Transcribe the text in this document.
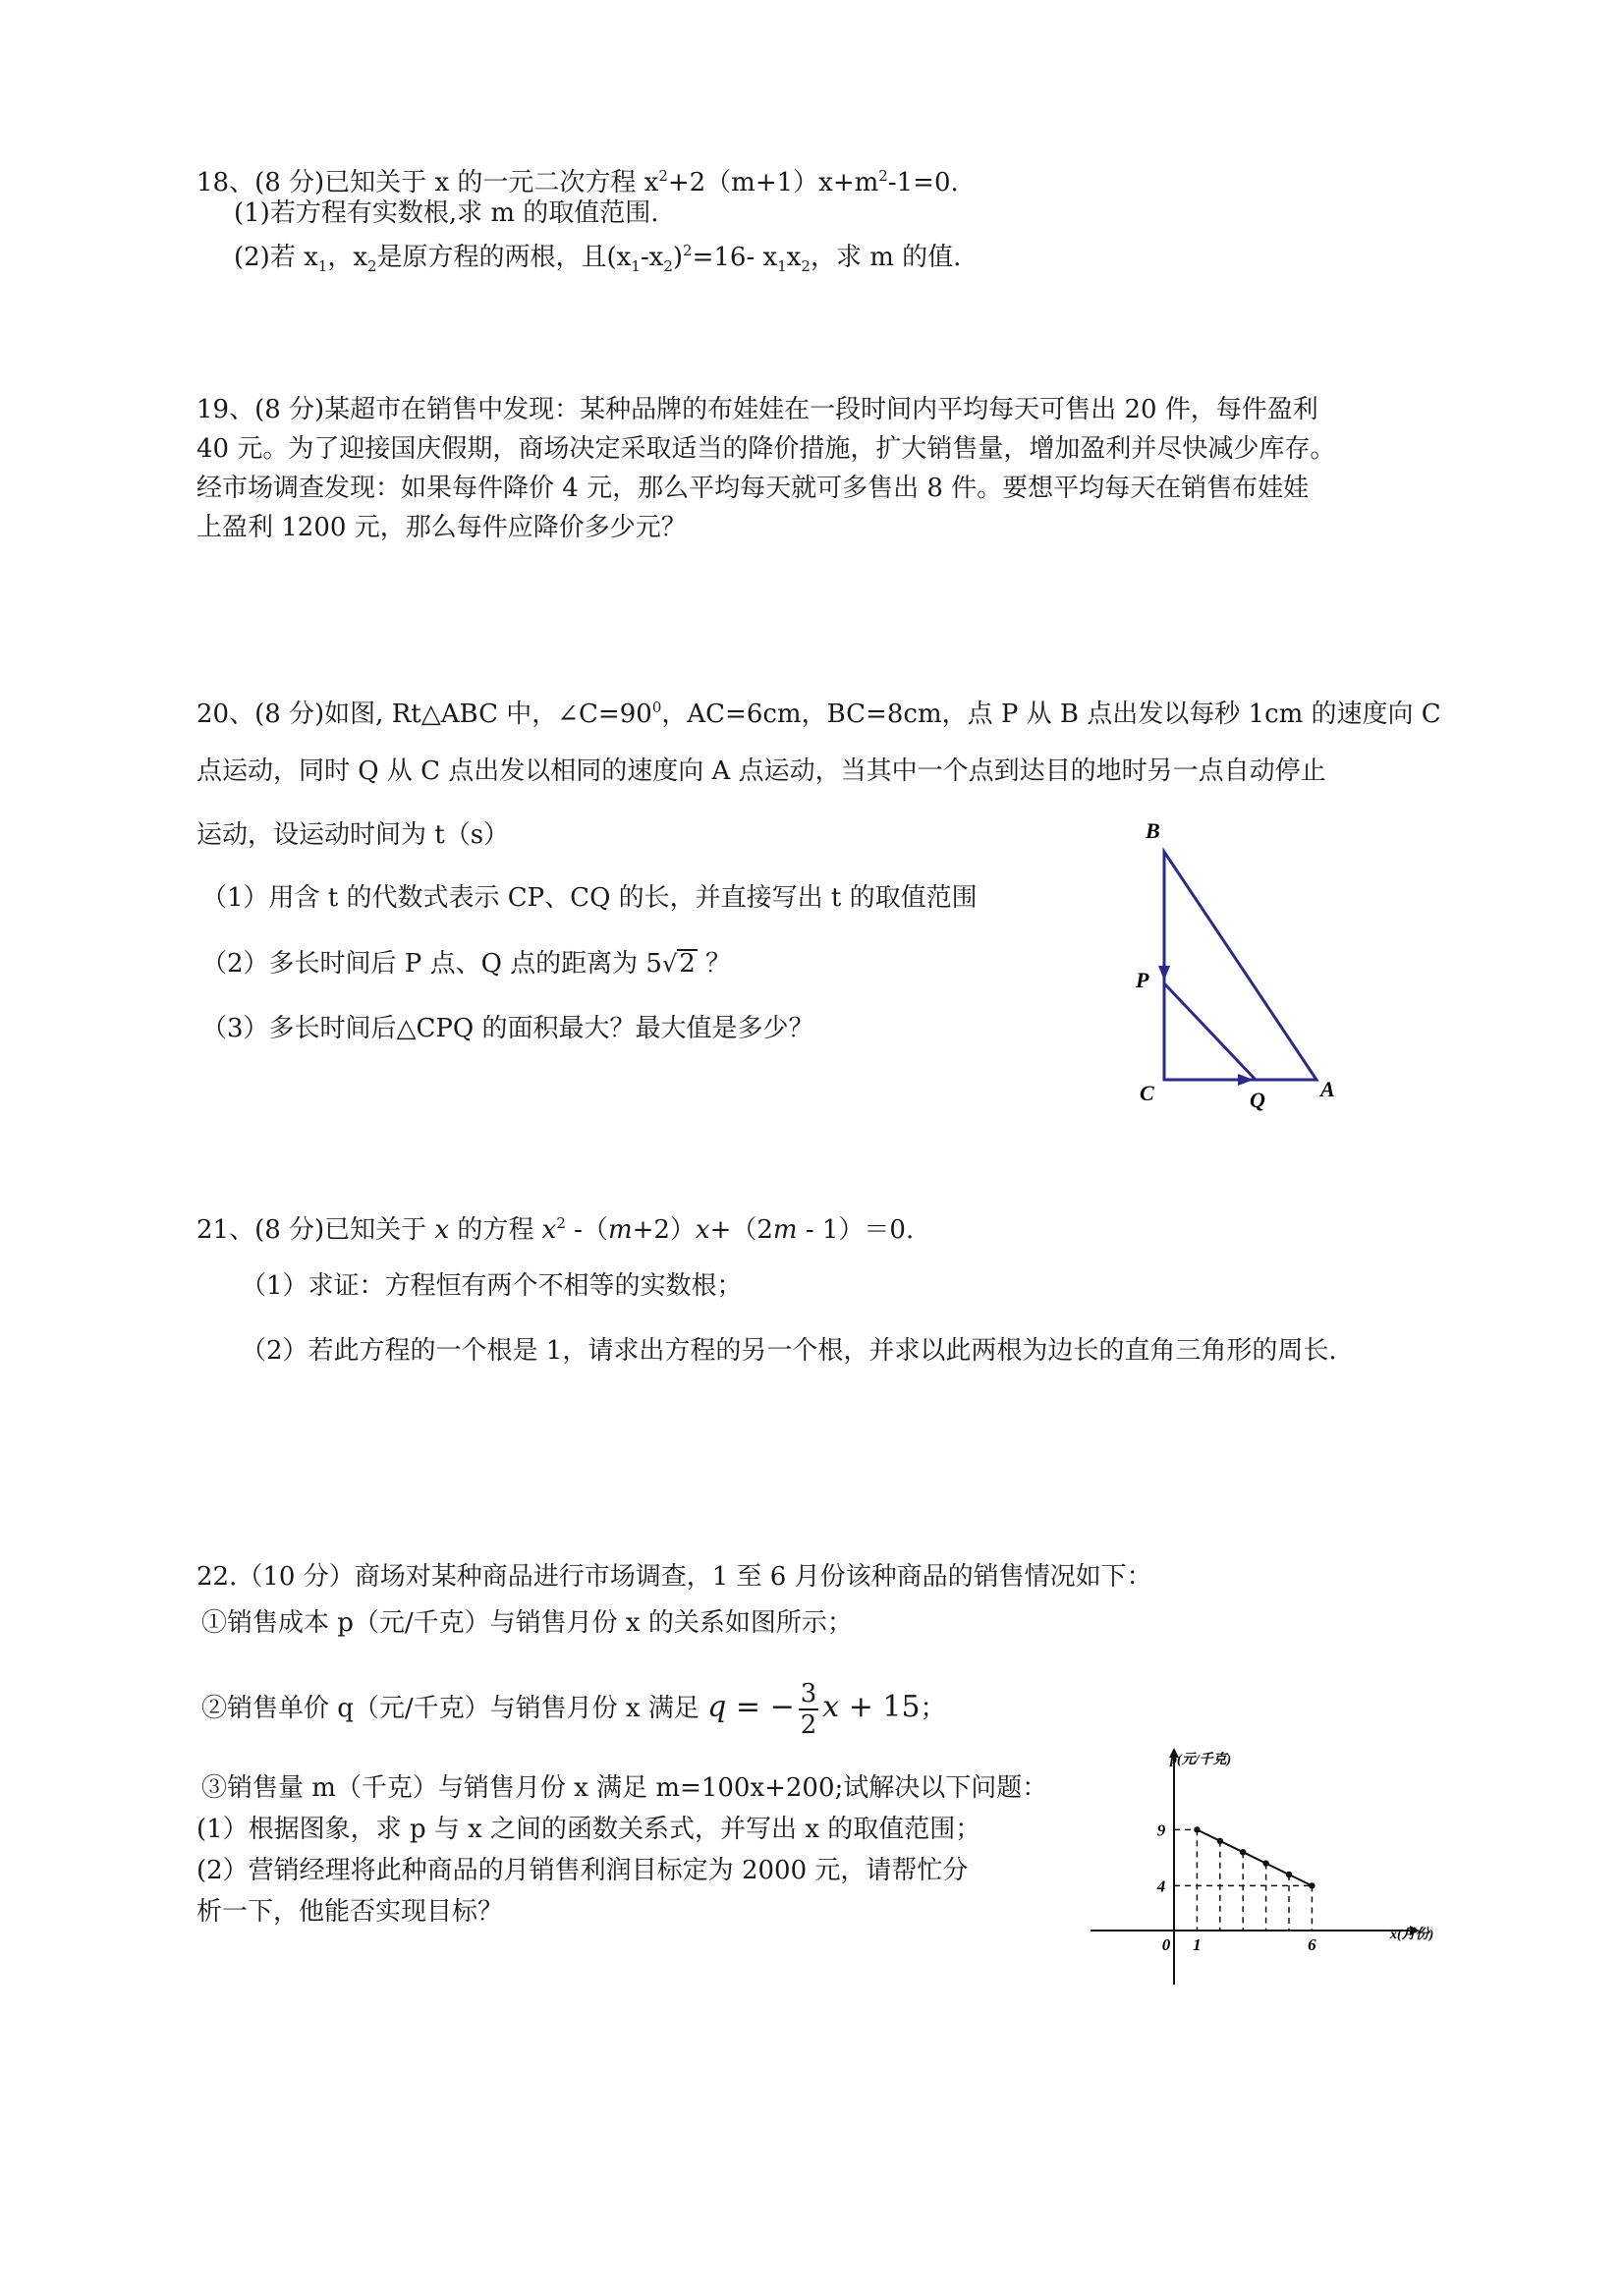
18、(8 分)已知关于 x 的一元二次方程 $x^2+2(m+1)x+m^2-1=0$.
(1)若方程有实数根,求 m 的取值范围.
(2)若 $x_1$，$x_2$是原方程的两根，且$(x_1-x_2)^2=16-$ $x_1x_2$，求 m 的值.
19、(8 分)某超市在销售中发现：某种品牌的布娃娃在一段时间内平均每天可售出 20 件，每件盈利
40 元。为了迎接国庆假期，商场决定采取适当的降价措施，扩大销售量，增加盈利并尽快减少库存。
经市场调查发现：如果每件降价 4 元，那么平均每天就可多售出 8 件。要想平均每天在销售布娃娃
上盈利 1200 元，那么每件应降价多少元？
20、(8 分)如图, Rt△ABC 中，$\angle C=90^0$，AC=6cm，BC=8cm，点 P 从 B 点出发以每秒 1cm 的速度向 C
点运动，同时 Q 从 C 点出发以相同的速度向 A 点运动，当其中一个点到达目的地时另一点自动停止
运动，设运动时间为 t（s）
（1）用含 t 的代数式表示 CP、CQ 的长，并直接写出 t 的取值范围
（2）多长时间后 P 点、Q 点的距离为 5√2 ？
（3）多长时间后△CPQ 的面积最大？最大值是多少？
B
P
C	Q	A
21、(8 分)已知关于 x 的方程 $x^2$ -（m+2）x+（2m - 1）＝0.
（1）求证：方程恒有两个不相等的实数根；
（2）若此方程的一个根是 1，请求出方程的另一个根，并求以此两根为边长的直角三角形的周长.
22.（10 分）商场对某种商品进行市场调查，1 至 6 月份该种商品的销售情况如下：
①销售成本 p（元/千克）与销售月份 x 的关系如图所示；
②销售单价 q（元/千克）与销售月份 x 满足 q = − $\frac{3}{2}$ x + 15；
③销售量 m（千克）与销售月份 x 满足 m=100x+200;试解决以下问题：
(1）根据图象，求 p 与 x 之间的函数关系式，并写出 x 的取值范围；
(2）营销经理将此种商品的月销售利润目标定为 2000 元，请帮忙分
析一下，他能否实现目标？
9
4
0 1	6
p(元/千克)
x(月份)
